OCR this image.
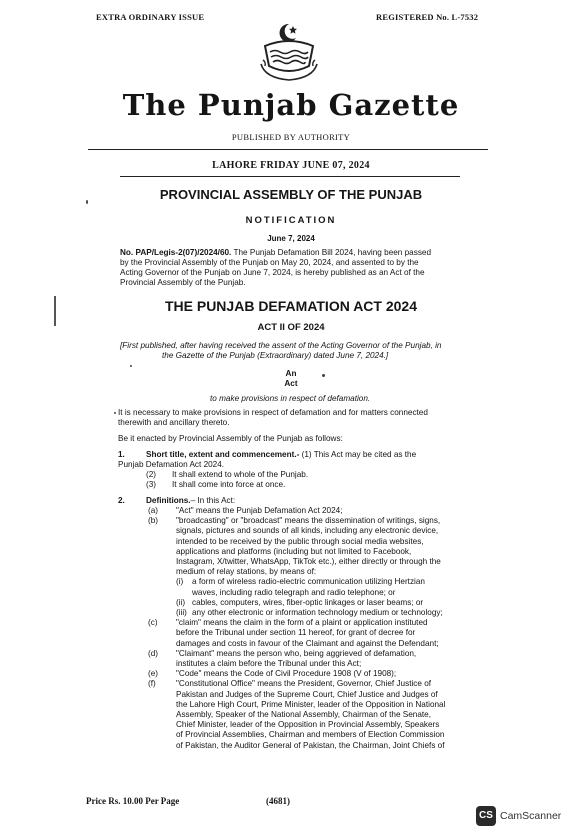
EXTRA ORDINARY ISSUE	REGISTERED No. L-7532
The Punjab Gazette
PUBLISHED BY AUTHORITY
LAHORE FRIDAY JUNE 07, 2024
PROVINCIAL ASSEMBLY OF THE PUNJAB
NOTIFICATION
June 7, 2024
No. PAP/Legis-2(07)/2024/60. The Punjab Defamation Bill 2024, having been passed
by the Provincial Assembly of the Punjab on May 20, 2024, and assented to by the
Acting Governor of the Punjab on June 7, 2024, is hereby published as an Act of the
Provincial Assembly of the Punjab.
THE PUNJAB DEFAMATION ACT 2024
ACT II OF 2024
[First published, after having received the assent of the Acting Governor of the Punjab, in
the Gazette of the Punjab (Extraordinary) dated June 7, 2024.]
An
Act
to make provisions in respect of defamation.
It is necessary to make provisions in respect of defamation and for matters connected
therewith and ancillary thereto.
Be it enacted by Provincial Assembly of the Punjab as follows:
1.	Short title, extent and commencement.- (1) This Act may be cited as the
Punjab Defamation Act 2024.
(2) It shall extend to whole of the Punjab.
(3) It shall come into force at once.
2.	Definitions.– In this Act:
(a) "Act" means the Punjab Defamation Act 2024;
(b) "broadcasting" or "broadcast" means the dissemination of writings, signs,
signals, pictures and sounds of all kinds, including any electronic device,
intended to be received by the public through social media websites,
applications and platforms (including but not limited to Facebook,
Instagram, X/twitter, WhatsApp, TikTok etc.), either directly or through the
medium of relay stations, by means of:
(i) a form of wireless radio-electric communication utilizing Hertzian
waves, including radio telegraph and radio telephone; or
(ii) cables, computers, wires, fiber-optic linkages or laser beams; or
(iii) any other electronic or information technology medium or technology;
(c) "claim" means the claim in the form of a plaint or application instituted
before the Tribunal under section 11 hereof, for grant of decree for
damages and costs in favour of the Claimant and against the Defendant;
(d) "Claimant" means the person who, being aggrieved of defamation,
institutes a claim before the Tribunal under this Act;
(e) "Code" means the Code of Civil Procedure 1908 (V of 1908);
(f) "Constitutional Office" means the President, Governor, Chief Justice of
Pakistan and Judges of the Supreme Court, Chief Justice and Judges of
the Lahore High Court, Prime Minister, leader of the Opposition in National
Assembly, Speaker of the National Assembly, Chairman of the Senate,
Chief Minister, leader of the Opposition in Provincial Assembly, Speakers
of Provincial Assemblies, Chairman and members of Election Commission
of Pakistan, the Auditor General of Pakistan, the Chairman, Joint Chiefs of
Price Rs. 10.00 Per Page	(4681)
CS CamScanner
